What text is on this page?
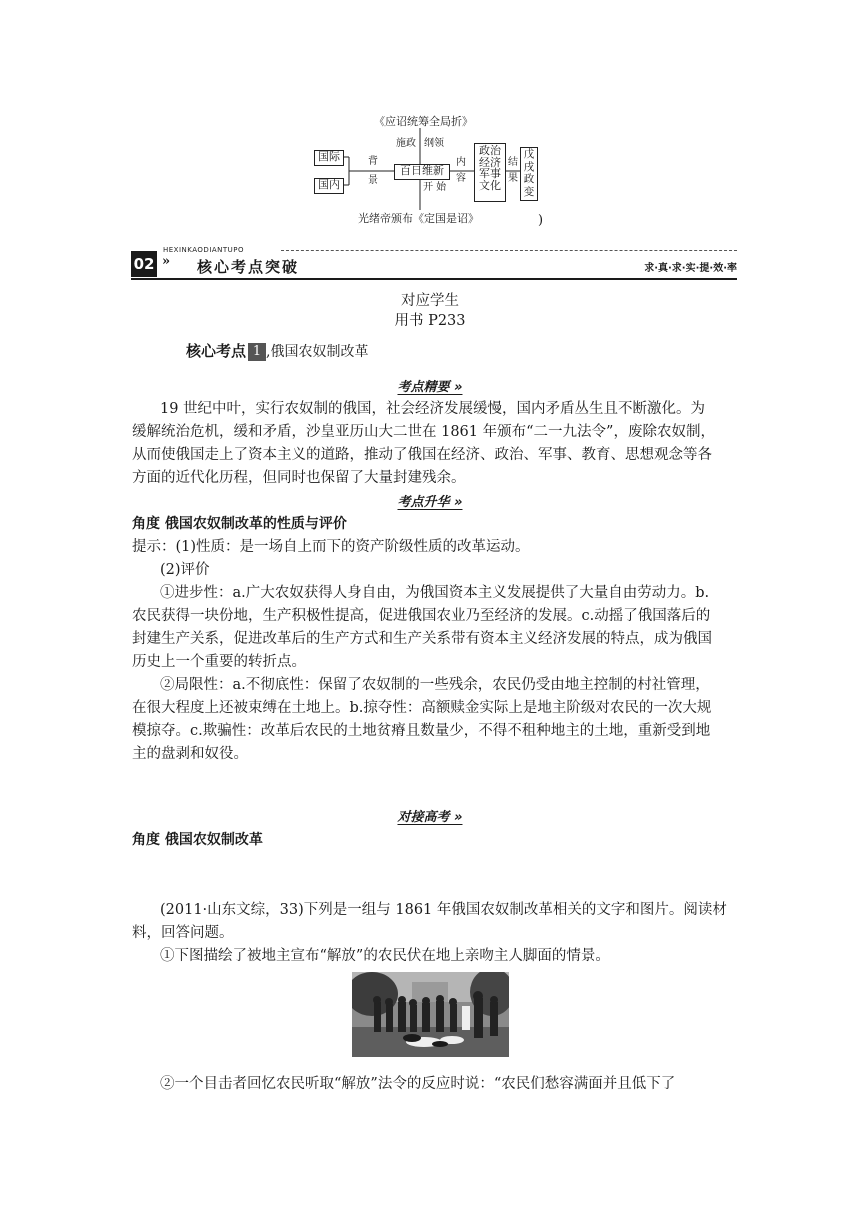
《应诏统筹全局折》
国际
国内
背
景
施政 纲领
百日维新
开 始
内
容
政治
经济
军事
文化
结
果
戊
戌
政
变
光绪帝颁布《定国是诏》	)
HEXINKAODIANTUPO
02 » 核心考点突破	求·真·求·实·提·效·率
对应学生
用书 P233
核心考点 1 ,俄国农奴制改革
考点精要 »
19 世纪中叶，实行农奴制的俄国，社会经济发展缓慢，国内矛盾丛生且不断激化。为
缓解统治危机，缓和矛盾，沙皇亚历山大二世在 1861 年颁布“二一九法令”，废除农奴制，
从而使俄国走上了资本主义的道路，推动了俄国在经济、政治、军事、教育、思想观念等各
方面的近代化历程，但同时也保留了大量封建残余。
考点升华 »
角度 俄国农奴制改革的性质与评价
提示：(1)性质：是一场自上而下的资产阶级性质的改革运动。
(2)评价
①进步性：a.广大农奴获得人身自由，为俄国资本主义发展提供了大量自由劳动力。b.
农民获得一块份地，生产积极性提高，促进俄国农业乃至经济的发展。c.动摇了俄国落后的
封建生产关系，促进改革后的生产方式和生产关系带有资本主义经济发展的特点，成为俄国
历史上一个重要的转折点。
②局限性：a.不彻底性：保留了农奴制的一些残余，农民仍受由地主控制的村社管理，
在很大程度上还被束缚在土地上。b.掠夺性：高额赎金实际上是地主阶级对农民的一次大规
模掠夺。c.欺骗性：改革后农民的土地贫瘠且数量少，不得不租种地主的土地，重新受到地
主的盘剥和奴役。
对接高考 »
角度 俄国农奴制改革
(2011·山东文综，33)下列是一组与 1861 年俄国农奴制改革相关的文字和图片。阅读材
料，回答问题。
①下图描绘了被地主宣布“解放”的农民伏在地上亲吻主人脚面的情景。
②一个目击者回忆农民听取“解放”法令的反应时说：“农民们愁容满面并且低下了
